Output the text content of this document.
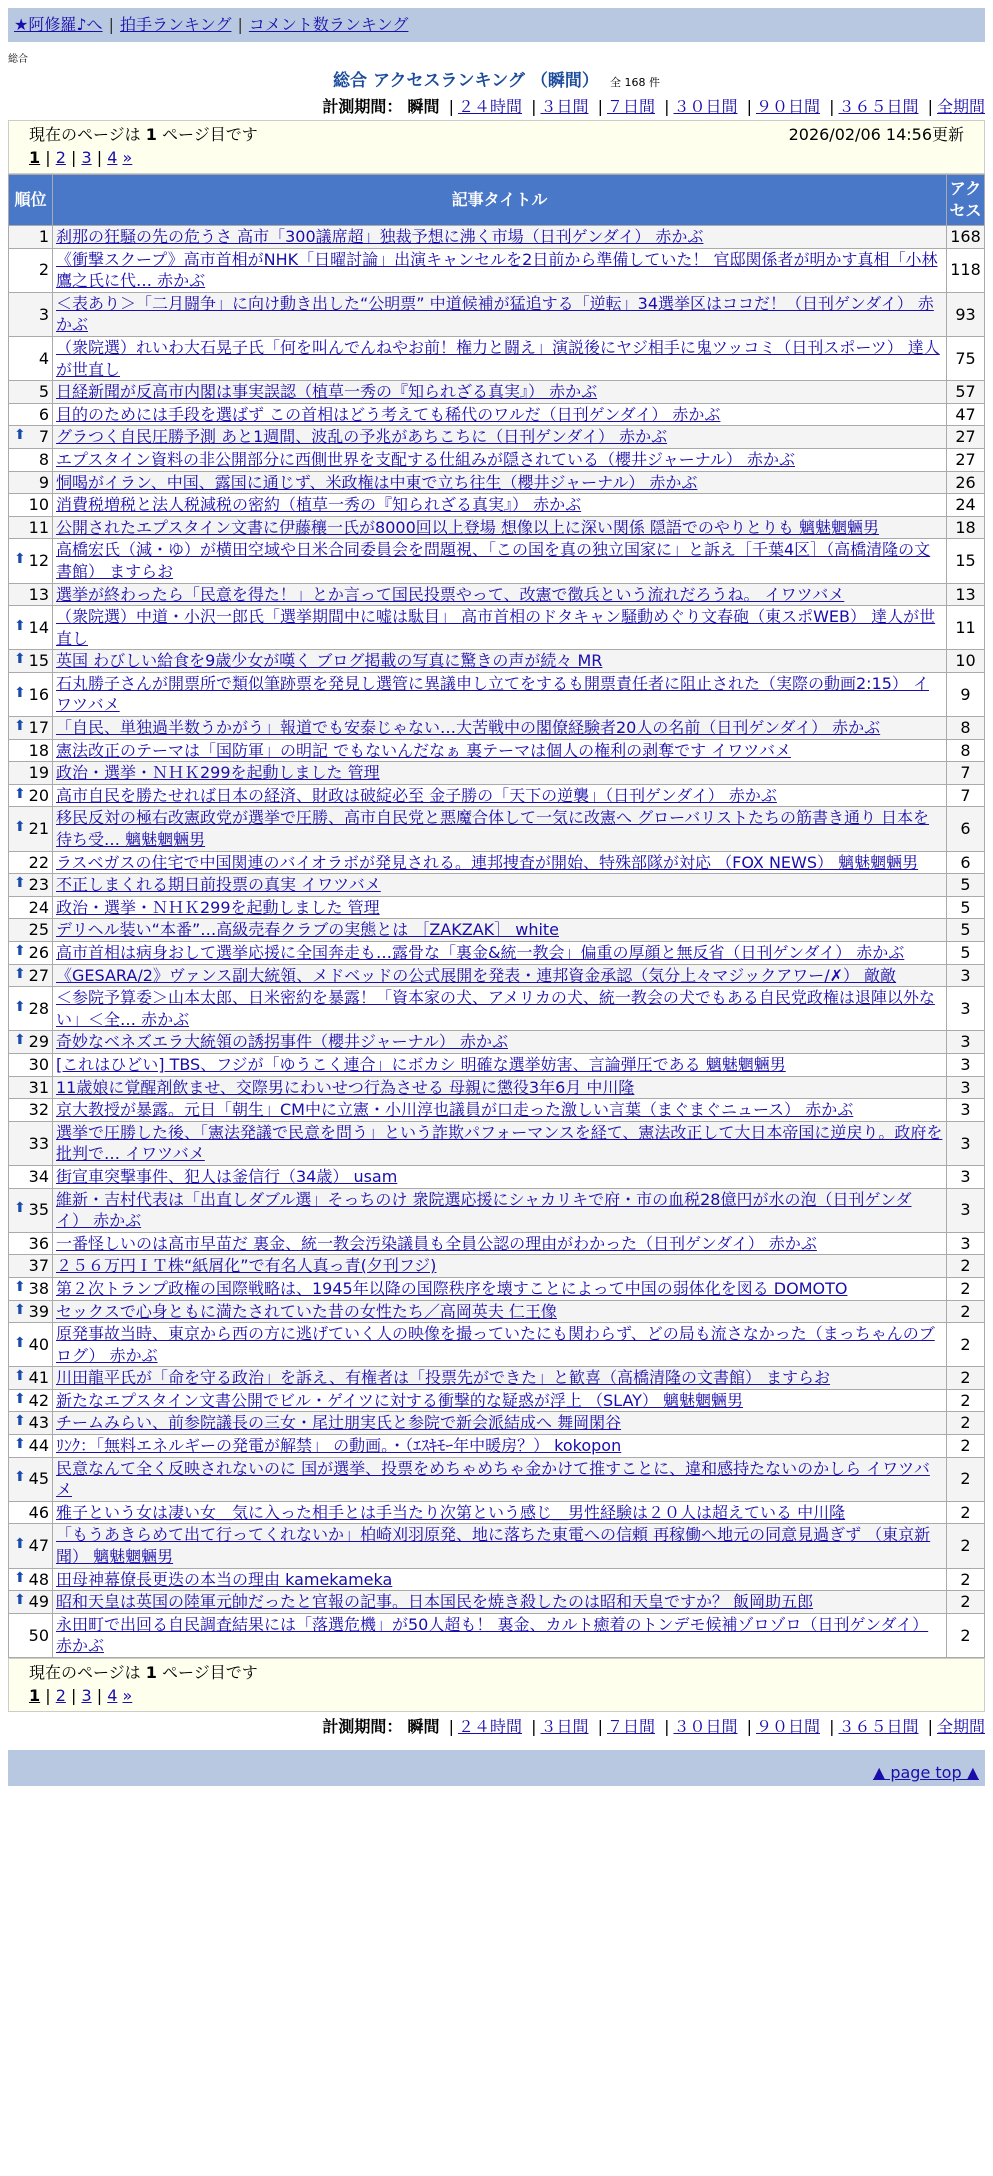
★阿修羅♪へ | 拍手ランキング | コメント数ランキング
総合
総合 アクセスランキング （瞬間） 全 168 件
計測期間： 瞬間 | ２４時間 | ３日間 | ７日間 | ３０日間 | ９０日間 | ３６５日間 | 全期間
現在のページは 1 ページ目です	2026/02/06 14:56更新
1 | 2 | 3 | 4 »
順位	記事タイトル	アクセス
1	刹那の狂騒の先の危うさ 高市「300議席超」独裁予想に沸く市場（日刊ゲンダイ） 赤かぶ	168
2	《衝撃スクープ》高市首相がNHK「日曜討論」出演キャンセルを2日前から準備していた！ 官邸関係者が明かす真相「小林鷹之氏に代… 赤かぶ	118
3	＜表あり＞「二月闘争」に向け動き出した“公明票” 中道候補が猛追する「逆転」34選挙区はココだ！（日刊ゲンダイ） 赤かぶ	93
4	（衆院選）れいわ大石晃子氏「何を叫んでんねやお前！権力と闘え」演説後にヤジ相手に鬼ツッコミ（日刊スポーツ） 達人が世直し	75
5	日経新聞が反高市内閣は事実誤認（植草一秀の『知られざる真実』） 赤かぶ	57
6	目的のためには手段を選ばず この首相はどう考えても稀代のワルだ（日刊ゲンダイ） 赤かぶ	47

⬆ 7	グラつく自民圧勝予測 あと1週間、波乱の予兆があちこちに（日刊ゲンダイ） 赤かぶ	27
8	エプスタイン資料の非公開部分に西側世界を支配する仕組みが隠されている（櫻井ジャーナル） 赤かぶ	27
9	恫喝がイラン、中国、露国に通じず、米政権は中東で立ち往生（櫻井ジャーナル） 赤かぶ	26
10	消費税増税と法人税減税の密約（植草一秀の『知られざる真実』） 赤かぶ	24
11	公開されたエプスタイン文書に伊藤穰一氏が8000回以上登場 想像以上に深い関係 隠語でのやりとりも 魑魅魍魎男	18

⬆ 12	高橋宏氏（減・ゆ）が横田空域や日米合同委員会を問題視、「この国を真の独立国家に」と訴え［千葉4区］（高橋清隆の文書館） ますらお	15
13	選挙が終わったら「民意を得た！」とか言って国民投票やって、改憲で徴兵という流れだろうね。 イワツバメ	13

⬆ 14	（衆院選）中道・小沢一郎氏「選挙期間中に嘘は駄目」 高市首相のドタキャン騒動めぐり文春砲（東スポWEB） 達人が世直し	11

⬆ 15	英国 わびしい給食を9歳少女が嘆く ブログ掲載の写真に驚きの声が続々 MR	10

⬆ 16	石丸勝子さんが開票所で類似筆跡票を発見し選管に異議申し立てをするも開票責任者に阻止された（実際の動画2:15） イワツバメ	9

⬆ 17	「自民、単独過半数うかがう」報道でも安泰じゃない…大苦戦中の閣僚経験者20人の名前（日刊ゲンダイ） 赤かぶ	8
18	憲法改正のテーマは「国防軍」の明記 でもないんだなぁ 裏テーマは個人の権利の剥奪です イワツバメ	8
19	政治・選挙・ＮＨＫ299を起動しました 管理	7

⬆ 20	高市自民を勝たせれば日本の経済、財政は破綻必至 金子勝の「天下の逆襲」（日刊ゲンダイ） 赤かぶ	7

⬆ 21	移民反対の極右改憲政党が選挙で圧勝、高市自民党と悪魔合体して一気に改憲へ グローバリストたちの筋書き通り 日本を待ち受… 魑魅魍魎男	6
22	ラスベガスの住宅で中国関連のバイオラボが発見される。連邦捜査が開始、特殊部隊が対応 （FOX NEWS） 魑魅魍魎男	6

⬆ 23	不正しまくれる期日前投票の真実 イワツバメ	5
24	政治・選挙・ＮＨＫ299を起動しました 管理	5
25	デリヘル装い“本番”…高級売春クラブの実態とは ［ZAKZAK］ white	5

⬆ 26	高市首相は病身おして選挙応援に全国奔走も…露骨な「裏金&統一教会」偏重の厚顔と無反省（日刊ゲンダイ） 赤かぶ	5

⬆ 27	《GESARA/2》ヴァンス副大統領、メドベッドの公式展開を発表・連邦資金承認（気分上々マジックアワー/✗） 敵敵	3

⬆ 28	＜参院予算委＞山本太郎、日米密約を暴露！「資本家の犬、アメリカの犬、統一教会の犬でもある自民党政権は退陣以外ない」＜全… 赤かぶ	3

⬆ 29	奇妙なベネズエラ大統領の誘拐事件（櫻井ジャーナル） 赤かぶ	3
30	[これはひどい] TBS、フジが「ゆうこく連合」にボカシ 明確な選挙妨害、言論弾圧である 魑魅魍魎男	3
31	11歳娘に覚醒剤飲ませ、交際男にわいせつ行為させる 母親に懲役3年6月 中川隆	3
32	京大教授が暴露。元日「朝生」CM中に立憲・小川淳也議員が口走った激しい言葉（まぐまぐニュース） 赤かぶ	3
33	選挙で圧勝した後、「憲法発議で民意を問う」という詐欺パフォーマンスを経て、憲法改正して大日本帝国に逆戻り。政府を批判で… イワツバメ	3
34	街宣車突撃事件、犯人は釜信行（34歳） usam	3

⬆ 35	維新・吉村代表は「出直しダブル選」そっちのけ 衆院選応援にシャカリキで府・市の血税28億円が水の泡（日刊ゲンダイ） 赤かぶ	3
36	一番怪しいのは高市早苗だ 裏金、統一教会汚染議員も全員公認の理由がわかった（日刊ゲンダイ） 赤かぶ	3
37	２５６万円ＩＴ株“紙屑化”で有名人真っ青(夕刊フジ)	2

⬆ 38	第２次トランプ政権の国際戦略は、1945年以降の国際秩序を壊すことによって中国の弱体化を図る DOMOTO	2

⬆ 39	セックスで心身ともに満たされていた昔の女性たち／高岡英夫 仁王像	2

⬆ 40	原発事故当時、東京から西の方に逃げていく人の映像を撮っていたにも関わらず、どの局も流さなかった（まっちゃんのブログ） 赤かぶ	2

⬆ 41	川田龍平氏が「命を守る政治」を訴え、有権者は「投票先ができた」と歓喜（高橋清隆の文書館） ますらお	2

⬆ 42	新たなエプスタイン文書公開でビル・ゲイツに対する衝撃的な疑惑が浮上 （SLAY） 魑魅魍魎男	2

⬆ 43	チームみらい、前参院議長の三女・尾辻朋実氏と参院で新会派結成へ 舞岡閑谷	2

⬆ 44	ﾘﾝｸ：「無料エネルギーの発電が解禁」 の動画。・（ｴｽｷﾓｰ年中暖房？） kokopon	2

⬆ 45	民意なんて全く反映されないのに 国が選挙、投票をめちゃめちゃ金かけて推すことに、違和感持たないのかしら イワツバメ	2
46	雅子という女は凄い女＿気に入った相手とは手当たり次第という感じ＿男性経験は２０人は超えている 中川隆	2

⬆ 47	「もうあきらめて出て行ってくれないか」柏崎刈羽原発、地に落ちた東電への信頼 再稼働へ地元の同意見過ぎず （東京新聞） 魑魅魍魎男	2

⬆ 48	田母神幕僚長更迭の本当の理由 kamekameka	2

⬆ 49	昭和天皇は英国の陸軍元帥だったと官報の記事。日本国民を焼き殺したのは昭和天皇ですか？ 飯岡助五郎	2
50	永田町で出回る自民調査結果には「落選危機」が50人超も！ 裏金、カルト癒着のトンデモ候補ゾロゾロ（日刊ゲンダイ） 赤かぶ	2
現在のページは 1 ページ目です
1 | 2 | 3 | 4 »
計測期間： 瞬間 | ２４時間 | ３日間 | ７日間 | ３０日間 | ９０日間 | ３６５日間 | 全期間
▲ page top ▲
